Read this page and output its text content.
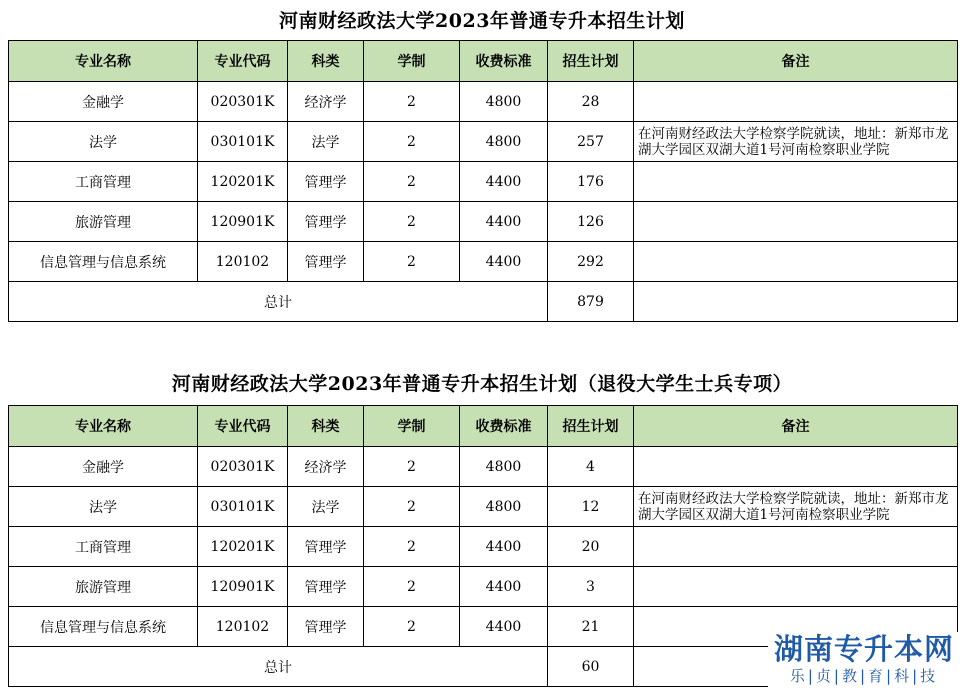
河南财经政法大学2023年普通专升本招生计划
专业名称	专业代码	科类	学制	收费标准	招生计划	备注
金融学	020301K	经济学	2	4800	28	
法学	030101K	法学	2	4800	257	在河南财经政法大学检察学院就读，地址：新郑市龙湖大学园区双湖大道1号河南检察职业学院
工商管理	120201K	管理学	2	4400	176	
旅游管理	120901K	管理学	2	4400	126	
信息管理与信息系统	120102	管理学	2	4400	292	
总计					879	
河南财经政法大学2023年普通专升本招生计划（退役大学生士兵专项）
专业名称	专业代码	科类	学制	收费标准	招生计划	备注
金融学	020301K	经济学	2	4800	4	
法学	030101K	法学	2	4800	12	在河南财经政法大学检察学院就读，地址：新郑市龙湖大学园区双湖大道1号河南检察职业学院
工商管理	120201K	管理学	2	4400	20	
旅游管理	120901K	管理学	2	4400	3	
信息管理与信息系统	120102	管理学	2	4400	21	
总计					60	
湖南专升本网
乐|贞|教|育|科|技
